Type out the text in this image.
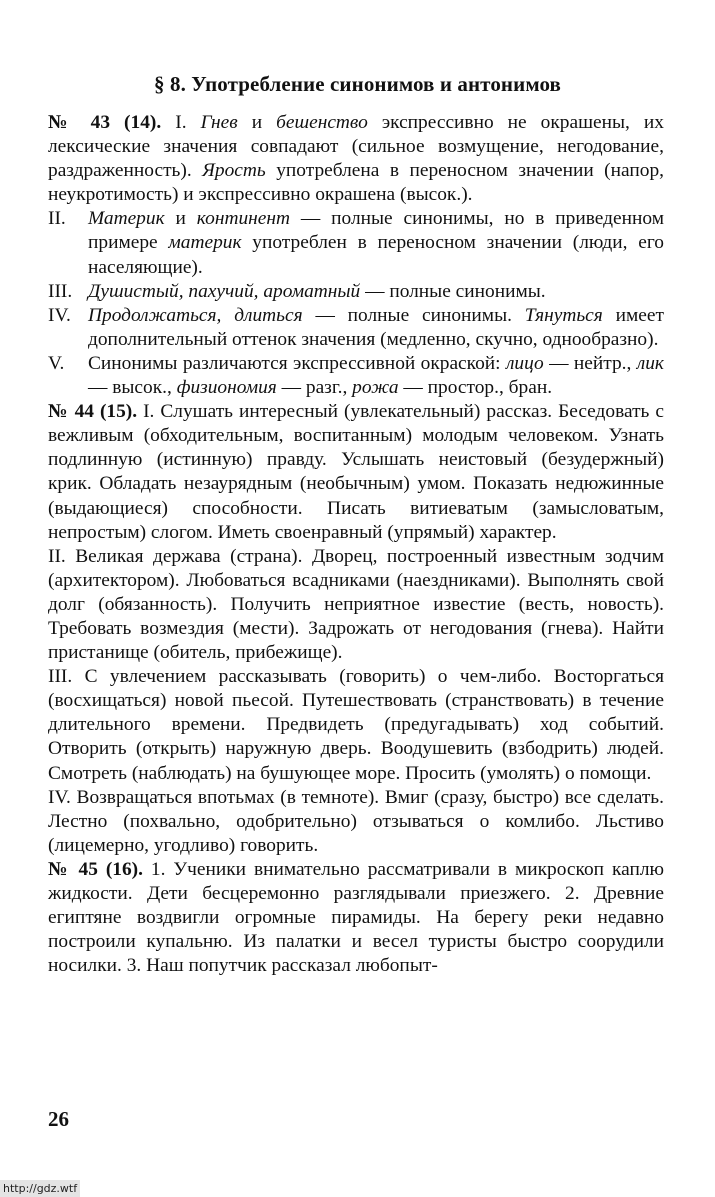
§ 8. Употребление синонимов и антонимов

№ 43 (14). I. Гнев и бешенство экспрессивно не окрашены, их лексические значения совпадают (сильное возмущение, негодование, раздраженность). Ярость употреблена в переносном значении (напор, неукротимость) и экспрессивно окрашена (высок.).

II.	Материк и континент — полные синонимы, но в приведенном примере материк употреблен в переносном значении (люди, его населяющие).
III. Душистый, пахучий, ароматный — полные синонимы.
IV. Продолжаться, длиться — полные синонимы. Тянуться имеет дополнительный оттенок значения (медленно, скучно, однообразно).
V.	Синонимы различаются экспрессивной окраской: лицо — нейтр., лик — высок., физиономия — разг., рожа — простор., бран.

№ 44 (15). I. Слушать интересный (увлекательный) рассказ. Беседовать с вежливым (обходительным, воспитанным) молодым человеком. Узнать подлинную (истинную) правду. Услышать неистовый (безудержный) крик. Обладать незаурядным (необычным) умом. Показать недюжинные (выдающиеся) способности. Писать витиеватым (замысловатым, непростым) слогом. Иметь своенравный (упрямый) характер.

II. Великая держава (страна). Дворец, построенный известным зодчим (архитектором). Любоваться всадниками (наездниками). Выполнять свой долг (обязанность). Получить неприятное известие (весть, новость). Требовать возмездия (мести). Задрожать от негодования (гнева). Найти пристанище (обитель, прибежище).

III. С увлечением рассказывать (говорить) о чем-либо. Восторгаться (восхищаться) новой пьесой. Путешествовать (странствовать) в течение длительного времени. Предвидеть (предугадывать) ход событий. Отворить (открыть) наружную дверь. Воодушевить (взбодрить) людей. Смотреть (наблюдать) на бушующее море. Просить (умолять) о помощи.

IV. Возвращаться впотьмах (в темноте). Вмиг (сразу, быстро) все сделать. Лестно (похвально, одобрительно) отзываться о комлибо. Льстиво (лицемерно, угодливо) говорить.

№ 45 (16). 1. Ученики внимательно рассматривали в микроскоп каплю жидкости. Дети бесцеремонно разглядывали приезжего. 2. Древние египтяне воздвигли огромные пирамиды. На берегу реки недавно построили купальню. Из палатки и весел туристы быстро соорудили носилки. 3. Наш попутчик рассказал любопыт-

26
http://gdz.wtf
